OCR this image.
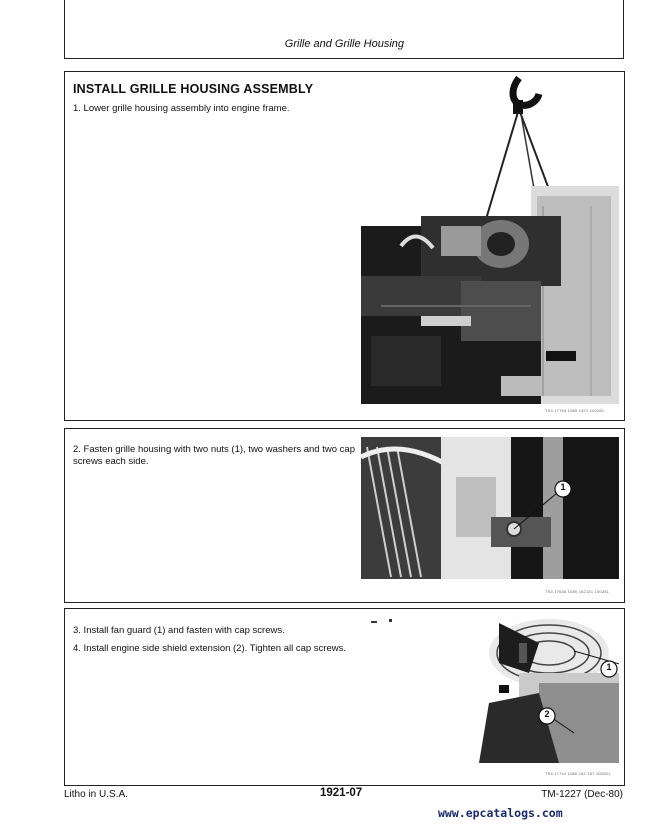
Grille and Grille Housing
INSTALL GRILLE HOUSING ASSEMBLY
1. Lower grille housing assembly into engine frame.
TS4 17763 1080 1321 100281
2. Fasten grille housing with two nuts (1), two washers and two cap screws each side.
1
TS4 17636 1080 162151 100281
3. Install fan guard (1) and fasten with cap screws.
4. Install engine side shield extension (2). Tighten all cap screws.
1
2
TS4 17741 1080 162 157 100281
Litho in U.S.A.	1921-07	TM-1227 (Dec-80)
www.epcatalogs.com
